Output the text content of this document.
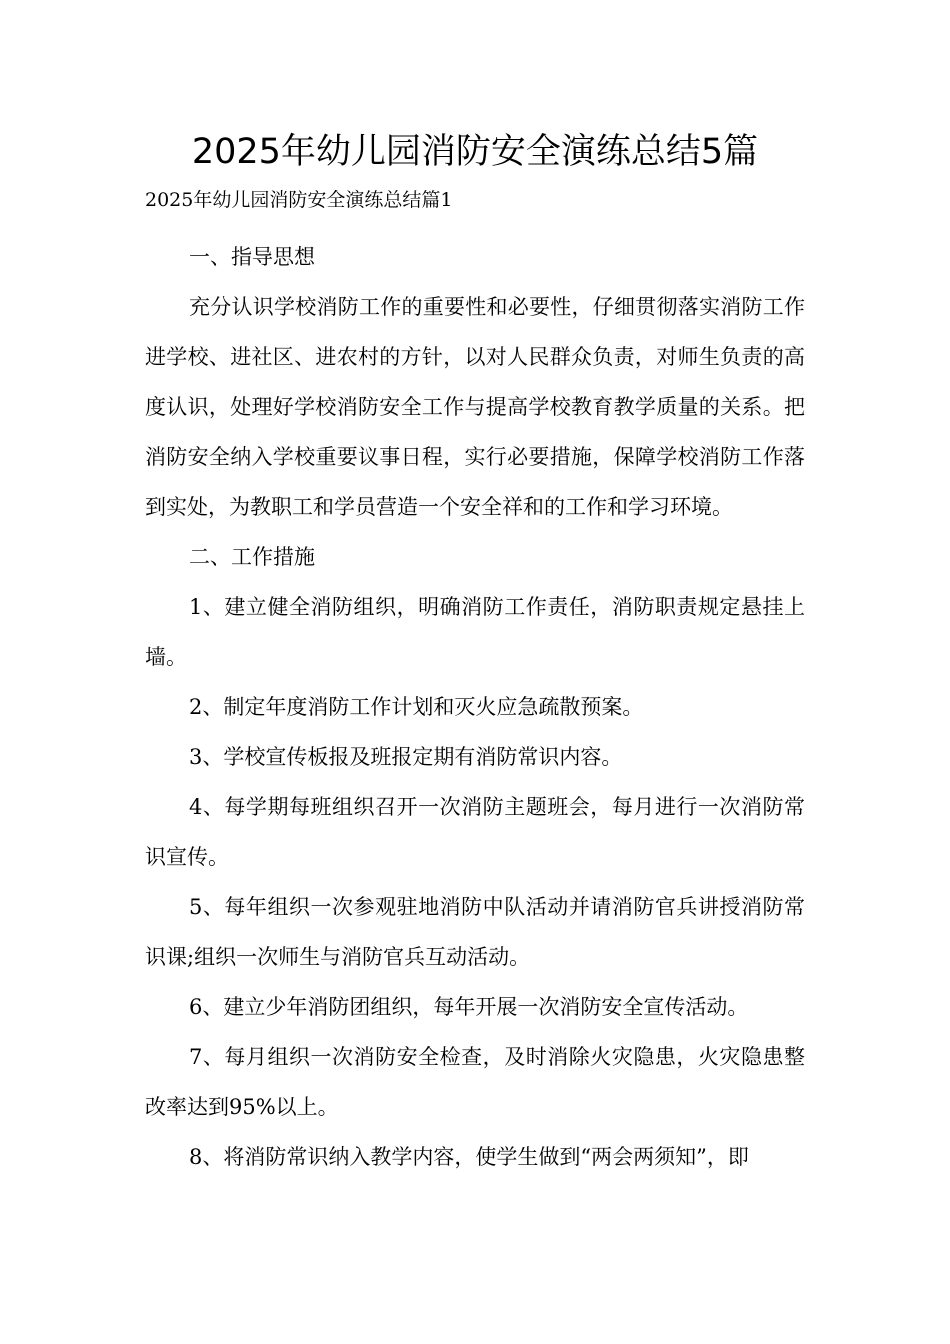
2025年幼儿园消防安全演练总结5篇
2025年幼儿园消防安全演练总结篇1

一、指导思想

充分认识学校消防工作的重要性和必要性，仔细贯彻落实消防工作进学校、进社区、进农村的方针，以对人民群众负责，对师生负责的高度认识，处理好学校消防安全工作与提高学校教育教学质量的关系。把消防安全纳入学校重要议事日程，实行必要措施，保障学校消防工作落到实处，为教职工和学员营造一个安全祥和的工作和学习环境。

二、工作措施

1、建立健全消防组织，明确消防工作责任，消防职责规定悬挂上墙。

2、制定年度消防工作计划和灭火应急疏散预案。

3、学校宣传板报及班报定期有消防常识内容。

4、每学期每班组织召开一次消防主题班会，每月进行一次消防常识宣传。

5、每年组织一次参观驻地消防中队活动并请消防官兵讲授消防常识课;组织一次师生与消防官兵互动活动。

6、建立少年消防团组织，每年开展一次消防安全宣传活动。

7、每月组织一次消防安全检查，及时消除火灾隐患，火灾隐患整改率达到95%以上。

8、将消防常识纳入教学内容，使学生做到“两会两须知”，即
